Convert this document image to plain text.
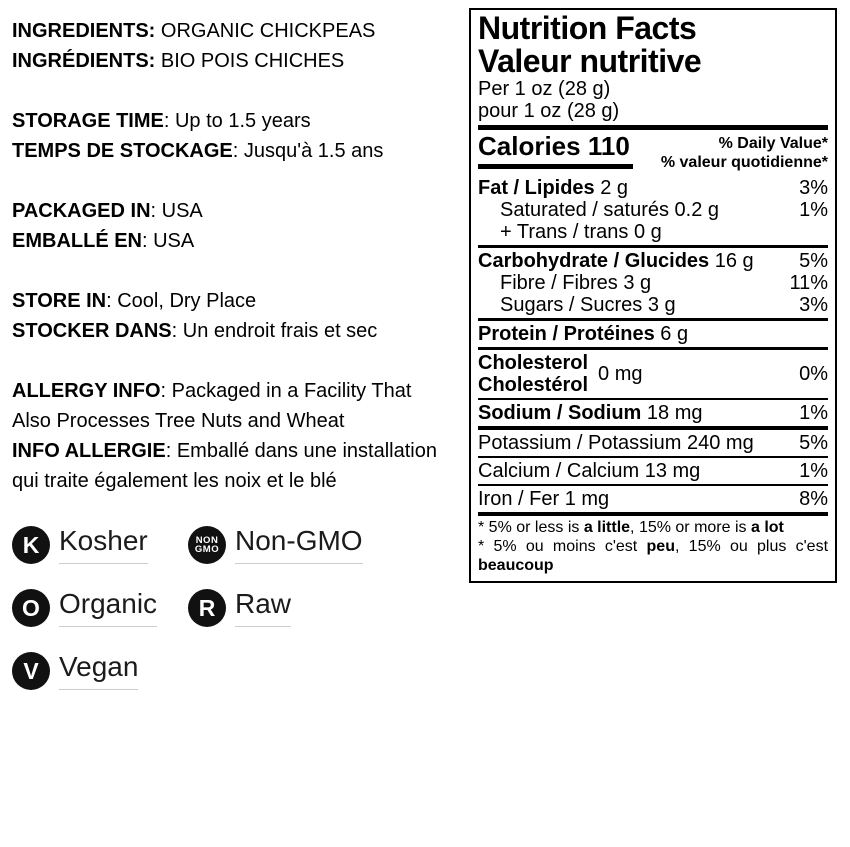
INGREDIENTS: ORGANIC CHICKPEAS
INGRÉDIENTS: BIO POIS CHICHES
STORAGE TIME: Up to 1.5 years
TEMPS DE STOCKAGE: Jusqu'à 1.5 ans
PACKAGED IN: USA
EMBALLÉ EN: USA
STORE IN: Cool, Dry Place
STOCKER DANS: Un endroit frais et sec
ALLERGY INFO: Packaged in a Facility That
Also Processes Tree Nuts and Wheat
INFO ALLERGIE: Emballé dans une installation
qui traite également les noix et le blé
K Kosher	NON
GMO Non-GMO
O Organic R Raw
V Vegan
Nutrition Facts
Valeur nutritive
Per 1 oz (28 g)
pour 1 oz (28 g)
Calories 110	% Daily Value*
% valeur quotidienne*
Fat / Lipides 2 g	3%
Saturated / saturés 0.2 g	1%
+ Trans / trans 0 g
Carbohydrate / Glucides 16 g 5%
Fibre / Fibres 3 g	11%
Sugars / Sucres 3 g	3%
Protein / Protéines 6 g
Cholesterol
Cholestérol 0 mg	0%
Sodium / Sodium 18 mg	1%
Potassium / Potassium 240 mg 5%
Calcium / Calcium 13 mg	1%
Iron / Fer 1 mg	8%
* 5% or less is a little, 15% or more is a lot
* 5% ou moins c'est peu, 15% ou plus c'est beaucoup
